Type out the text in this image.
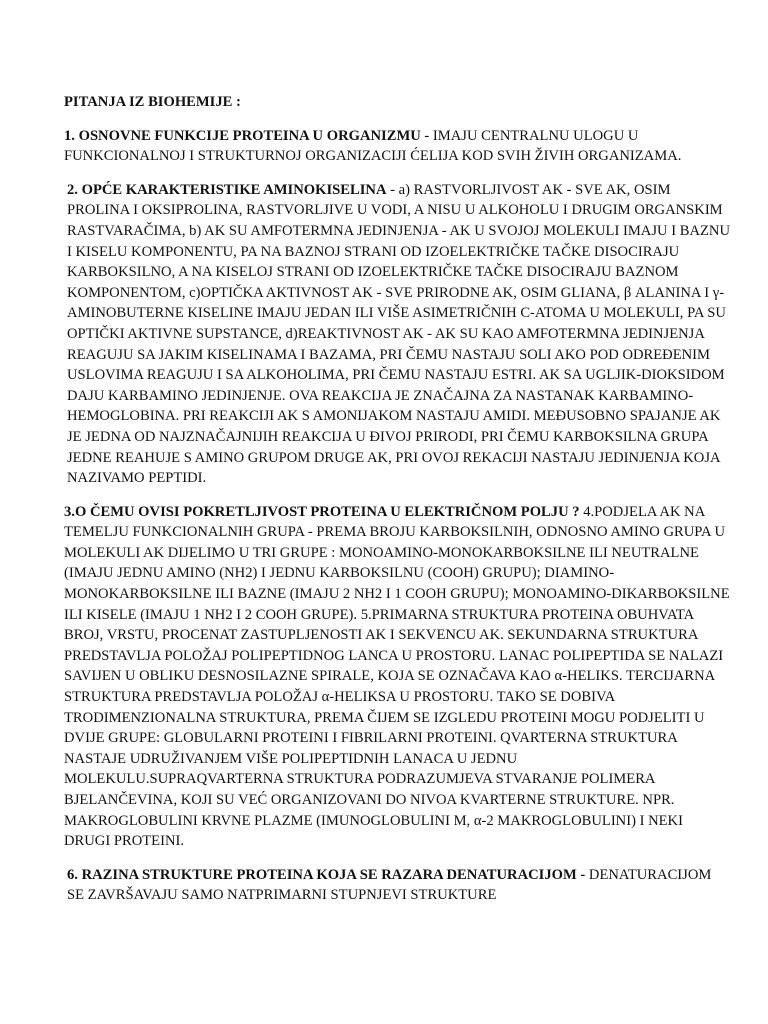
PITANJA IZ BIOHEMIJE :

1. OSNOVNE FUNKCIJE PROTEINA U ORGANIZMU - IMAJU CENTRALNU ULOGU U FUNKCIONALNOJ I STRUKTURNOJ ORGANIZACIJI ĆELIJA KOD SVIH ŽIVIH ORGANIZAMA.

2. OPĆE KARAKTERISTIKE AMINOKISELINA - a) RASTVORLJIVOST AK - SVE AK, OSIM PROLINA I OKSIPROLINA, RASTVORLJIVE U VODI, A NISU U ALKOHOLU I DRUGIM ORGANSKIM RASTVARAČIMA, b) AK SU AMFOTERMNA JEDINJENJA - AK U SVOJOJ MOLEKULI IMAJU I BAZNU I KISELU KOMPONENTU, PA NA BAZNOJ STRANI OD IZOELEKTRIČKE TAČKE DISOCIRAJU KARBOKSILNO, A NA KISELOJ STRANI OD IZOELEKTRIČKE TAČKE DISOCIRAJU BAZNOM KOMPONENTOM, c)OPTIČKA AKTIVNOST AK - SVE PRIRODNE AK, OSIM GLIANA, β ALANINA I γ-AMINOBUTERNE KISELINE IMAJU JEDAN ILI VIŠE ASIMETRIČNIH C-ATOMA U MOLEKULI, PA SU OPTIČKI AKTIVNE SUPSTANCE, d)REAKTIVNOST AK - AK SU KAO AMFOTERMNA JEDINJENJA REAGUJU SA JAKIM KISELINAMA I BAZAMA, PRI ČEMU NASTAJU SOLI AKO POD ODREĐENIM USLOVIMA REAGUJU I SA ALKOHOLIMA, PRI ČEMU NASTAJU ESTRI. AK SA UGLJIK-DIOKSIDOM DAJU KARBAMINO JEDINJENJE. OVA REAKCIJA JE ZNAČAJNA ZA NASTANAK KARBAMINO-HEMOGLOBINA. PRI REAKCIJI AK S AMONIJAKOM NASTAJU AMIDI. MEĐUSOBNO SPAJANJE AK JE JEDNA OD NAJZNAČAJNIJIH REAKCIJA U ĐIVOJ PRIRODI, PRI ČEMU KARBOKSILNA GRUPA JEDNE REAHUJE S AMINO GRUPOM DRUGE AK, PRI OVOJ REKACIJI NASTAJU JEDINJENJA KOJA NAZIVAMO PEPTIDI.

3.O ČEMU OVISI POKRETLJIVOST PROTEINA U ELEKTRIČNOM POLJU ? 4.PODJELA AK NA TEMELJU FUNKCIONALNIH GRUPA - PREMA BROJU KARBOKSILNIH, ODNOSNO AMINO GRUPA U MOLEKULI AK DIJELIMO U TRI GRUPE : MONOAMINO-MONOKARBOKSILNE ILI NEUTRALNE (IMAJU JEDNU AMINO (NH2) I JEDNU KARBOKSILNU (COOH) GRUPU); DIAMINO-MONOKARBOKSILNE ILI BAZNE (IMAJU 2 NH2 I 1 COOH GRUPU); MONOAMINO-DIKARBOKSILNE ILI KISELE (IMAJU 1 NH2 I 2 COOH GRUPE). 5.PRIMARNA STRUKTURA PROTEINA OBUHVATA BROJ, VRSTU, PROCENAT ZASTUPLJENOSTI AK I SEKVENCU AK. SEKUNDARNA STRUKTURA PREDSTAVLJA POLOŽAJ POLIPEPTIDNOG LANCA U PROSTORU. LANAC POLIPEPTIDA SE NALAZI SAVIJEN U OBLIKU DESNOSILAZNE SPIRALE, KOJA SE OZNAČAVA KAO α-HELIKS. TERCIJARNA STRUKTURA PREDSTAVLJA POLOŽAJ α-HELIKSA U PROSTORU. TAKO SE DOBIVA TRODIMENZIONALNA STRUKTURA, PREMA ČIJEM SE IZGLEDU PROTEINI MOGU PODJELITI U DVIJE GRUPE: GLOBULARNI PROTEINI I FIBRILARNI PROTEINI. QVARTERNA STRUKTURA NASTAJE UDRUŽIVANJEM VIŠE POLIPEPTIDNIH LANACA U JEDNU MOLEKULU.SUPRAQVARTERNA STRUKTURA PODRAZUMJEVA STVARANJE POLIMERA BJELANČEVINA, KOJI SU VEĆ ORGANIZOVANI DO NIVOA KVARTERNE STRUKTURE. NPR. MAKROGLOBULINI KRVNE PLAZME (IMUNOGLOBULINI M, α-2 MAKROGLOBULINI) I NEKI DRUGI PROTEINI.

6. RAZINA STRUKTURE PROTEINA KOJA SE RAZARA DENATURACIJOM - DENATURACIJOM SE ZAVRŠAVAJU SAMO NATPRIMARNI STUPNJEVI STRUKTURE
